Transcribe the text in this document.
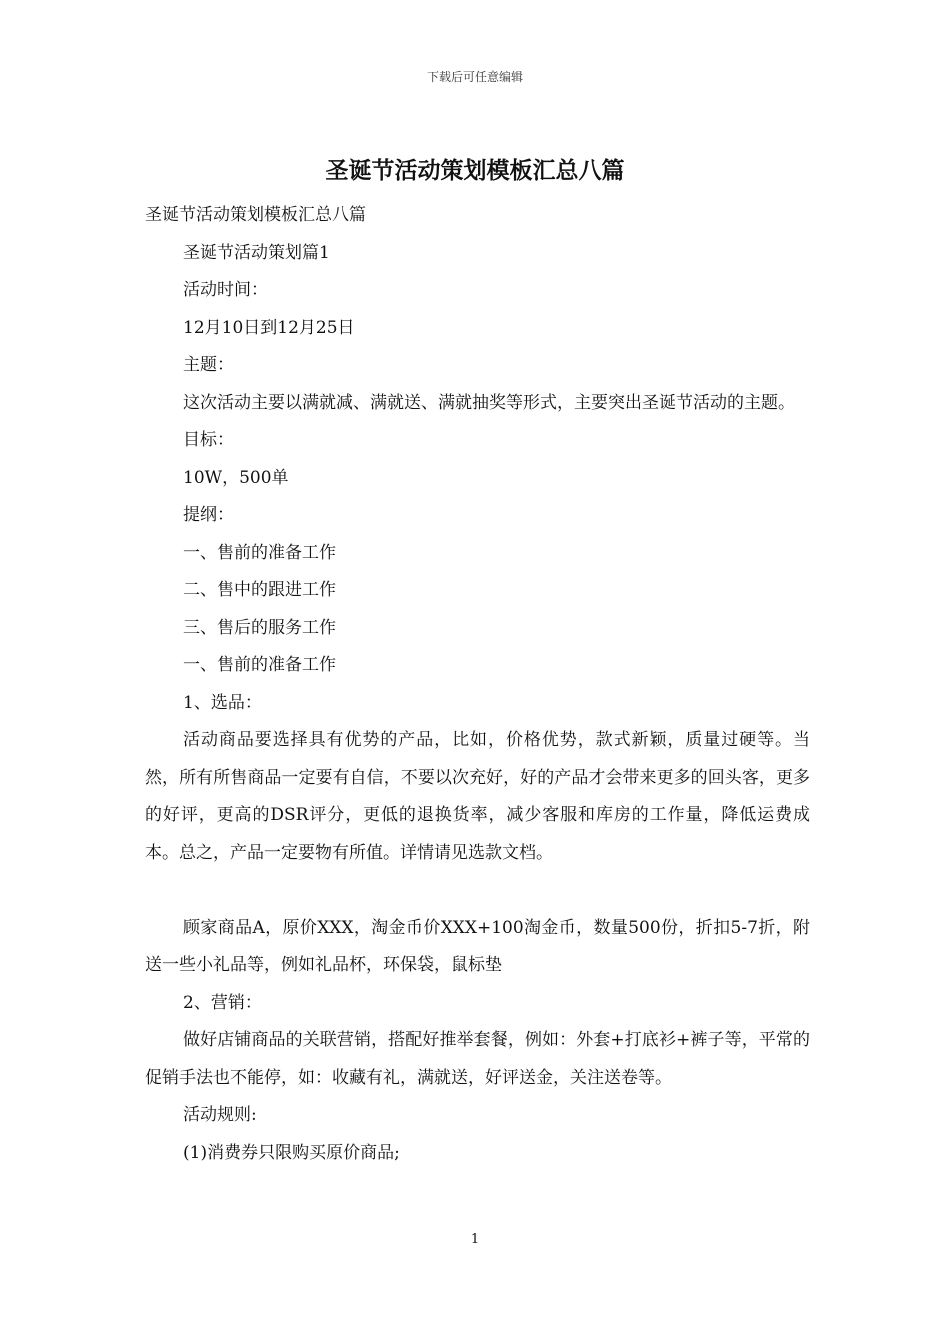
下载后可任意编辑
圣诞节活动策划模板汇总八篇

圣诞节活动策划模板汇总八篇

圣诞节活动策划篇1

活动时间：

12月10日到12月25日

主题：

这次活动主要以满就减、满就送、满就抽奖等形式，主要突出圣诞节活动的主题。

目标：

10W，500单

提纲：

一、售前的准备工作

二、售中的跟进工作

三、售后的服务工作

一、售前的准备工作

1、选品：

活动商品要选择具有优势的产品，比如，价格优势，款式新颖，质量过硬等。当然，所有所售商品一定要有自信，不要以次充好，好的产品才会带来更多的回头客，更多的好评，更高的DSR评分，更低的退换货率，减少客服和库房的工作量，降低运费成本。总之，产品一定要物有所值。详情请见选款文档。

顾家商品A，原价XXX，淘金币价XXX+100淘金币，数量500份，折扣5-7折，附送一些小礼品等，例如礼品杯，环保袋，鼠标垫

2、营销：

做好店铺商品的关联营销，搭配好推举套餐，例如：外套+打底衫+裤子等，平常的促销手法也不能停，如：收藏有礼，满就送，好评送金，关注送卷等。

活动规则:

(1)消费券只限购买原价商品;

1
